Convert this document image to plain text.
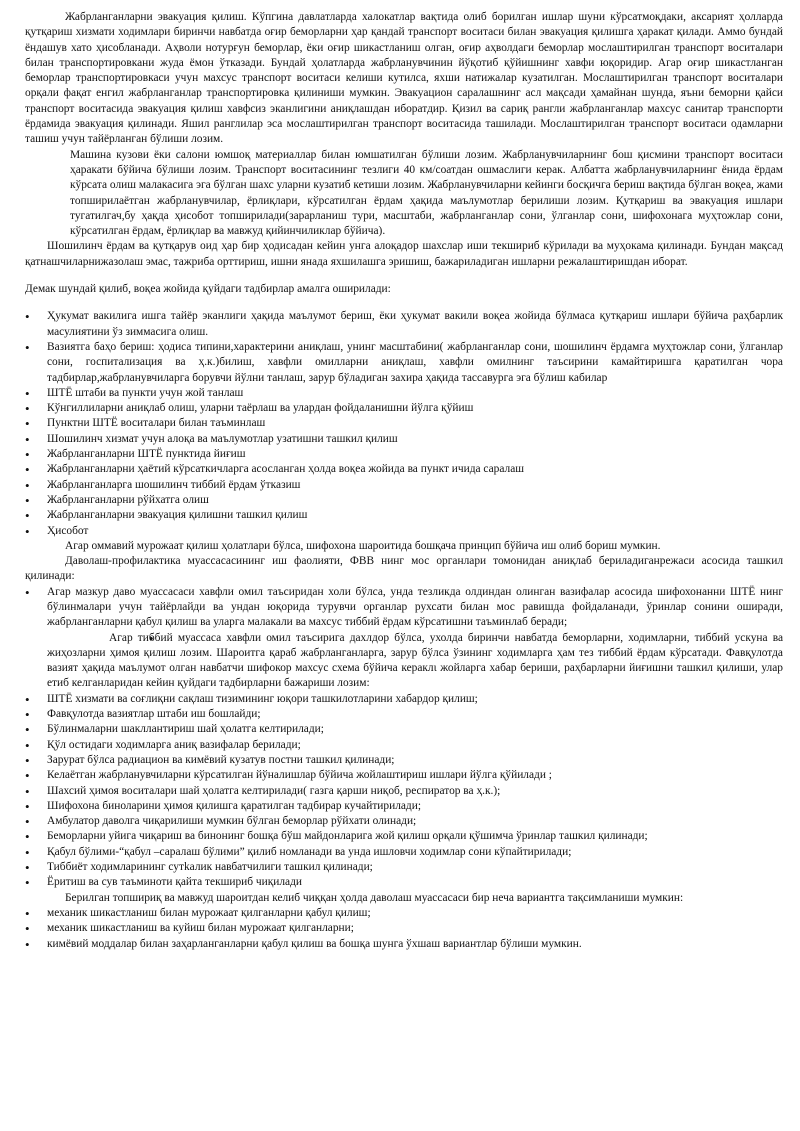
Жабрланганларни эвакуация қилиш. Кўпгина давлатларда халокатлар вақтида олиб борилган ишлар шуни кўрсатмоқдаки, аксарият ҳолларда қутқариш хизмати ходимлари биринчи навбатда оғир беморларни ҳар қандай транспорт воситаси билан эвакуация қилишга ҳаракат қилади. Аммо бундай ёндашув хато ҳисобланади. Аҳволи нотурғун беморлар, ёки оғир шикастланиш олган, оғир аҳволдаги беморлар мослаштирилган транспорт воситалари билан транспортировкани жуда ёмон ўтказади. Бундай ҳолатларда жабрланувчинин йўқотиб қўйишнинг хавфи юқоридир. Агар оғир шикастланган беморлар транспортировкаси учун махсус транспорт воситаси келиши кутилса, яхши натижалар кузатилган. Мослаштирилган транспорт воситалари орқали фақат енгил жабрланганлар транспортировка қилиниши мумкин. Эвакуацион саралашнинг асл мақсади ҳамайнан шунда, яъни беморни қайси транспорт воситасида эвакуация қилиш хавфсиз эканлигини аниқлашдан иборатдир. Қизил ва сариқ рангли жабрланганлар махсус санитар транспорти ёрдамида эвакуация қилинади. Яшил ранглилар эса мослаштирилган транспорт воситасида ташилади. Мослаштирилган транспорт воситаси одамларни ташиш учун тайёрланган бўлиши лозим.

Машина кузови ёки салони юмшоқ материаллар билан юмшатилган бўлиши лозим. Жабрланувчиларнинг бош қисмини транспорт воситаси ҳаракати бўйича бўлиши лозим. Транспорт воситасининг тезлиги 40 км/соатдан ошмаслиги керак. Албатта жабрланувчиларнинг ёнида ёрдам кўрсата олиш малакасига эга бўлган шахс уларни кузатиб кетиши лозим. Жабрланувчиларни кейинги босқичга бериш вақтида бўлган воқеа, жами топширилаётган жабрланувчилар, ёрлиқлари, кўрсатилган ёрдам ҳақида маълумотлар берилиши лозим. Қутқариш ва эвакуация ишлари тугатилгач,бу ҳақда ҳисобот топширилади(зарарланиш тури, масштаби, жабрланганлар сони, ўлганлар сони, шифохонага муҳтожлар сони, кўрсатилган ёрдам, ёрлиқлар ва мавжуд қийинчиликлар бўйича).

Шошилинч ёрдам ва қутқарув оид ҳар бир ҳодисадан кейин унга алоқадор шахслар иши текшириб кўрилади ва муҳокама қилинади. Бундан мақсад қатнашчиларнижазолаш эмас, тажриба орттириш, ишни янада яхшилашга эришиш, бажариладиган ишларни режалаштиришдан иборат.

Демак шундай қилиб, воқеа жойида қуйдаги тадбирлар амалга оширилади:

• Ҳукумат вакилига ишга тайёр эканлиги ҳақида маълумот бериш, ёки ҳукумат вакили воқеа жойида бўлмаса қутқариш ишлари бўйича раҳбарлик масулиятини ўз зиммасига олиш.
• Вазиятга баҳо бериш: ҳодиса типини,характерини аниқлаш, унинг масштабини( жабрланганлар сони, шошилинч ёрдамга муҳтожлар сони, ўлганлар сони, госпитализация ва ҳ.к.)билиш, хавфли омилларни аниқлаш, хавфли омилнинг таъсирини камайтиришга қаратилган чора тадбирлар,жабрланувчиларга борувчи йўлни танлаш, зарур бўладиган захира ҳақида тассавурга эга бўлиш кабилар
• ШТЁ штаби ва пункти учун жой танлаш
• Кўнгиллиларни аниқлаб олиш, уларни таёрлаш ва улардан фойдаланишни йўлга қўйиш
• Пунктни ШТЁ воситалари билан таъминлаш
• Шошилинч хизмат учун алоқа ва маълумотлар узатишни ташкил қилиш
• Жабрланганларни ШТЁ пунктида йиғиш
• Жабрланганларни ҳаётий кўрсаткичларга асосланган ҳолда воқеа жойида ва пункт ичида саралаш
• Жабрланганларга шошилинч тиббий ёрдам ўтказиш
• Жабрланганларни рўйхатга олиш
• Жабрланганларни эвакуация қилишни ташкил қилиш
• Ҳисобот

Агар оммавий мурожаат қилиш ҳолатлари бўлса, шифохона шароитида бошқача принцип бўйича иш олиб бориш мумкин.

Даволаш-профилактика муассасасининг иш фаолияти, ФВВ нинг мос органлари томонидан аниқлаб бериладиганрежаси асосида ташкил қилинади:

• Агар мазкур даво муассасаси хавфли омил таъсиридан холи бўлса, унда тезликда олдиндан олинган вазифалар асосида шифохонанни ШТЁ нинг бўлинмалари учун тайёрлайди ва ундан юқорида турувчи органлар рухсати билан мос равишда фойдаланади, ўринлар сонини оширади, жабрланганларни қабул қилиш ва уларга малакали ва махсус тиббий ёрдам кўрсатишни таъминлаб беради;
• Агар тиббий муассаса хавфли омил таъсирига дахлдор бўлса, ухолда биринчи навбатда беморларни, ходимларни, тиббий ускуна ва жиҳозларни ҳимоя қилиш лозим. Шароитга қараб жабрланганларга, зарур бўлса ўзининг ходимларга ҳам тез тиббий ёрдам кўрсатади. Фавқулотда вазият ҳақида маълумот олган навбатчи шифокор махсус схема бўйича кераклι жойларга хабар бериши, раҳбарларни йиғишни ташкил қилиши, улар етиб келганларидан кейин қуйдаги тадбирларни бажариши лозим:
• ШТЁ хизмати ва соғлиқни сақлаш тизимининг юқори ташкилотларини хабардор қилиш;
• Фавқулотда вазиятлар штаби иш бошлайди;
• Бўлинмаларни шакллантириш шай ҳолатга келтирилади;
• Қўл остидаги ходимларга аниқ вазифалар берилади;
• Зарурат бўлса радиацион ва кимёвий кузатув постни ташкил қилинади;
• Келаётган жабрланувчиларни кўрсатилган йўналишлар бўйича жойлаштириш ишлари йўлга қўйилади ;
• Шахсий ҳимоя воситалари шай ҳолатга келтирилади( газга қарши ниқоб, респиратор ва ҳ.к.);
• Шифохона биноларини ҳимоя қилишга қаратилган тадбирар кучайтирилади;
• Амбулатор даволга чиқарилиши мумкин бўлган беморлар рўйхати олинади;
• Беморларни уйига чиқариш ва бинонинг бошқа бўш майдонларига жой қилиш орқали қўшимча ўринлар ташкил қилинади;
• Қабул бўлими-“қабул –саралаш бўлими” қилиб номланади ва унда ишловчи ходимлар сони кўпайтирилади;
• Тиббиёт ходимларининг сутkалик навбатчилиги ташкил қилинади;
• Ёритиш ва сув таъминоти қайта текшириб чиқилади

Берилган топшириқ ва мавжуд шароитдан келиб чиққан ҳолда даволаш муассасаси бир неча вариантга тақсимланиши мумкин:

• механик шикастланиш билан мурожаат қилганларни қабул қилиш;
• механик шикастланиш ва куйиш билан мурожаат қилганларни;
• кимёвий моддалар билан заҳарланганларни қабул қилиш ва бошқа шунга ўхшаш вариантлар бўлиши мумкин.
